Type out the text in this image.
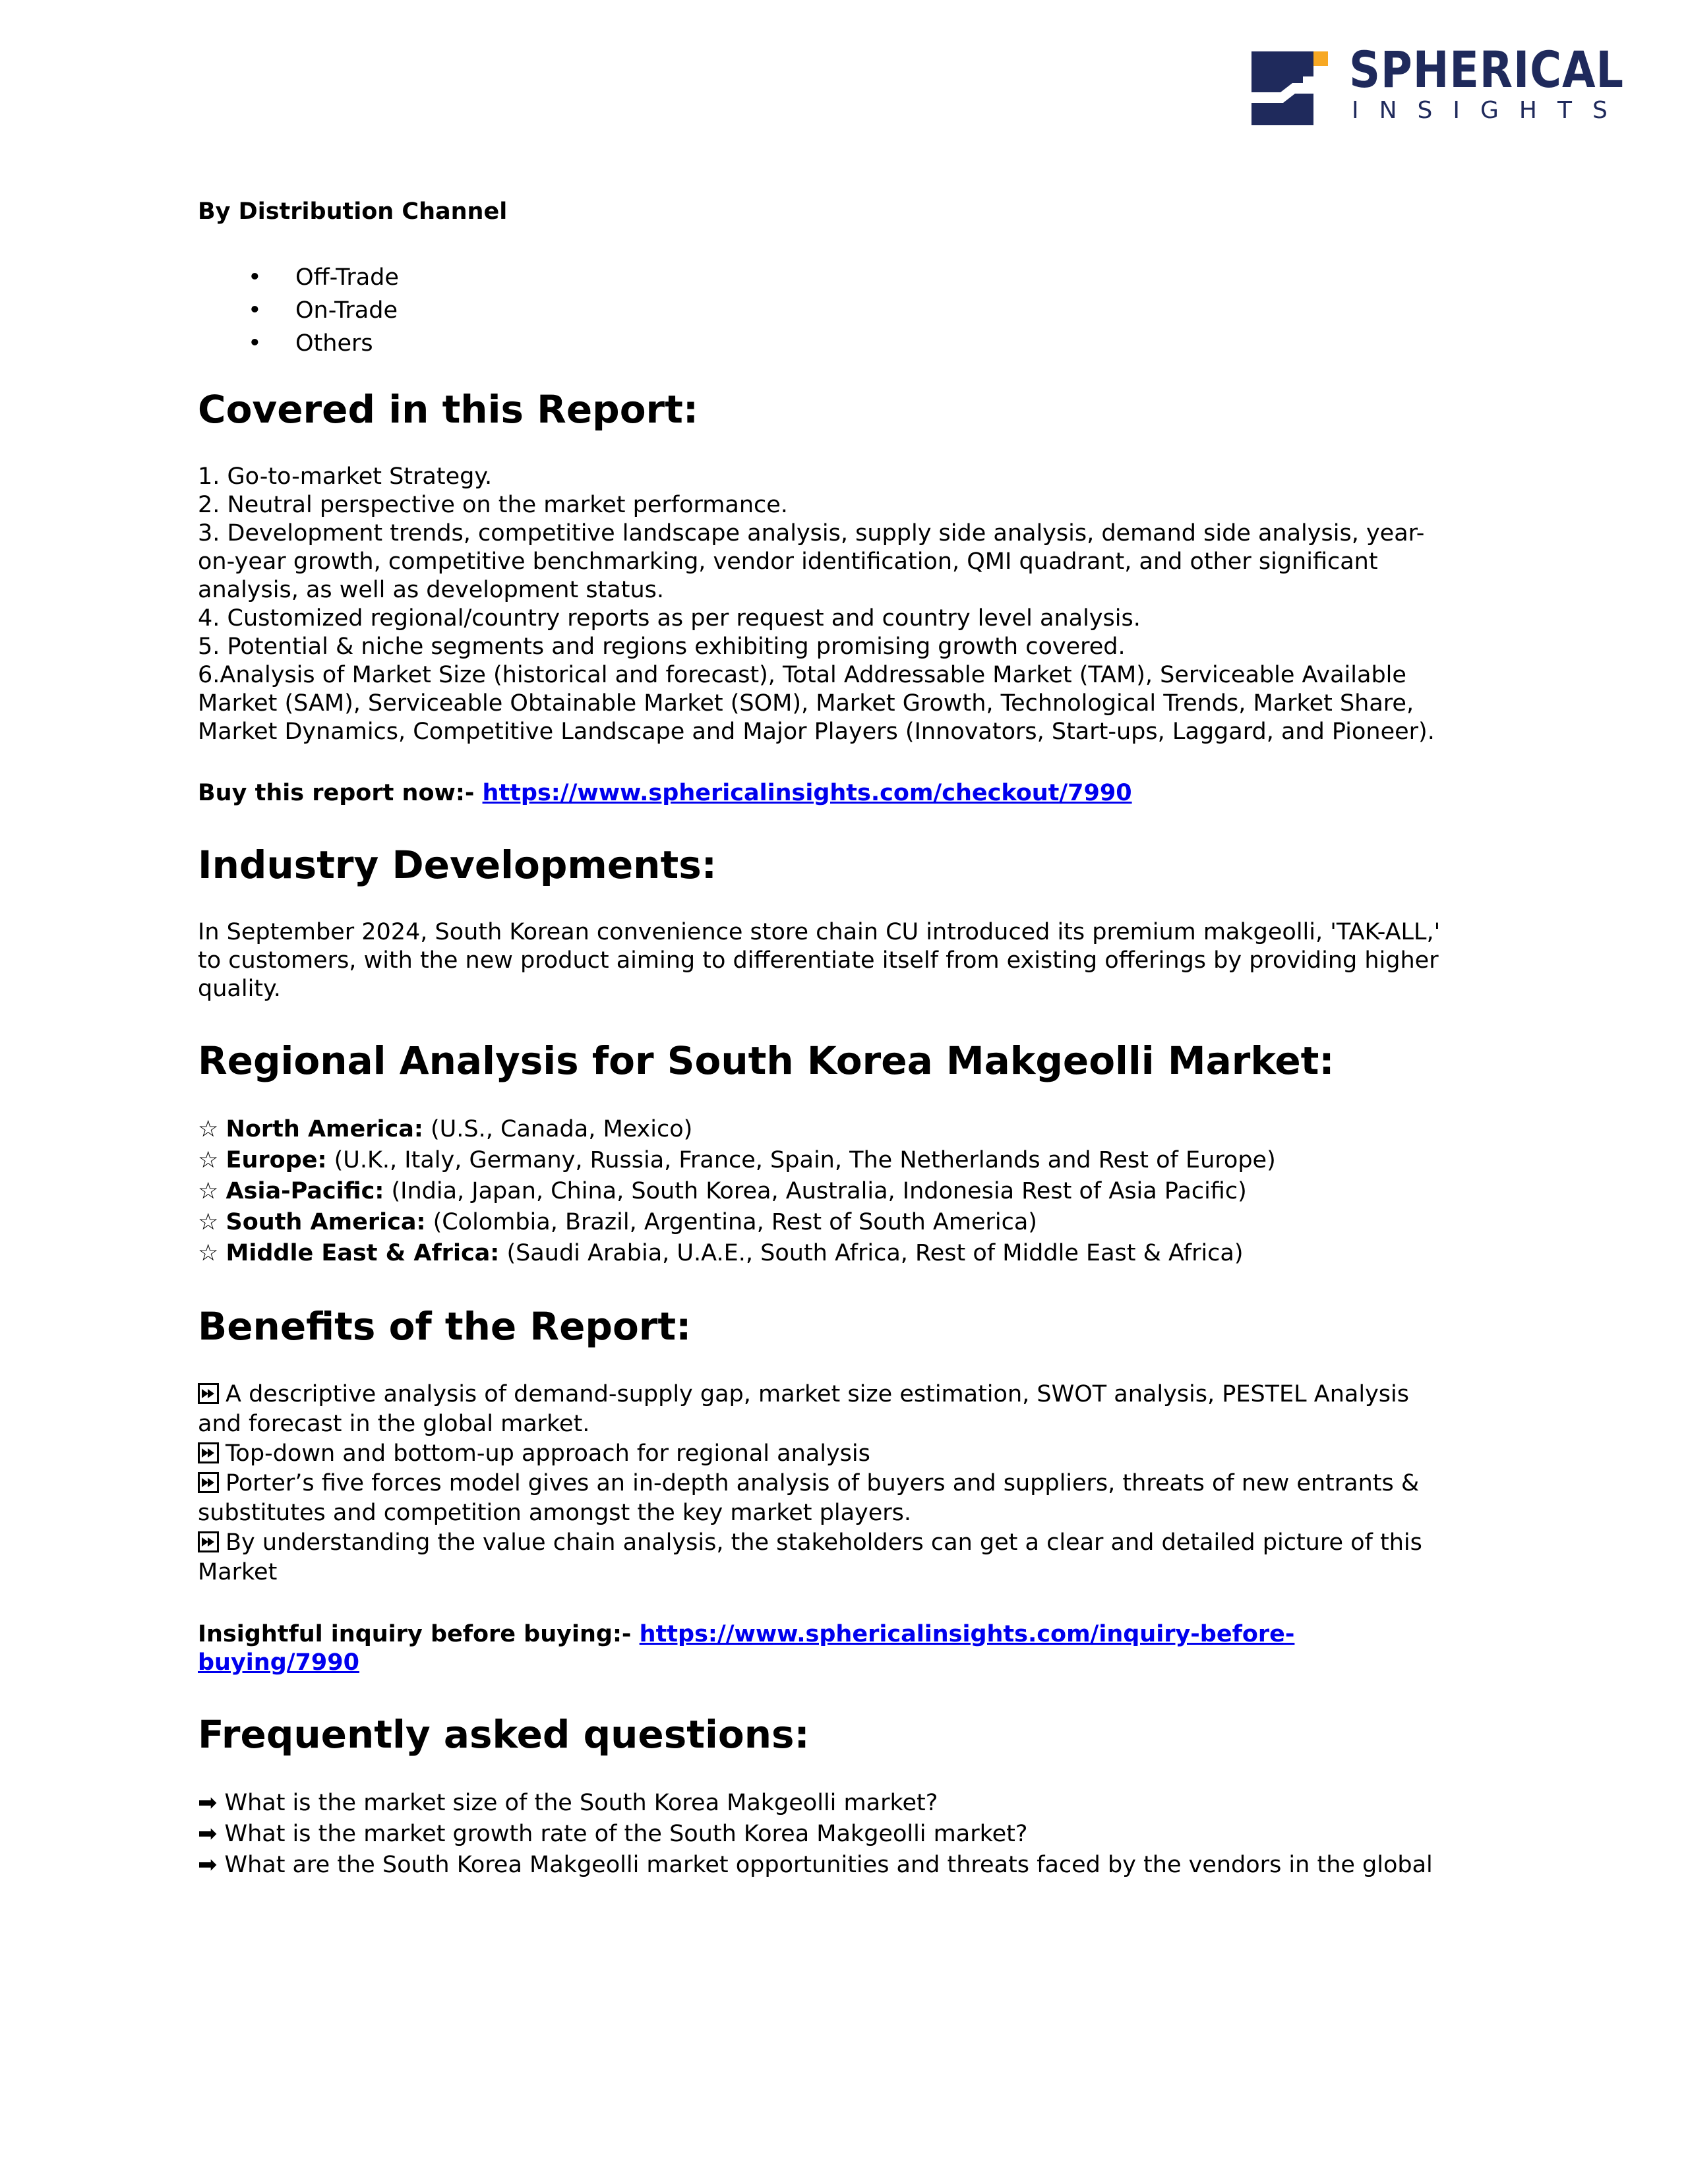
SPHERICAL
INSIGHTS

By Distribution Channel

• Off-Trade
• On-Trade
• Others
Covered in this Report:
1. Go-to-market Strategy.
2. Neutral perspective on the market performance.
3. Development trends, competitive landscape analysis, supply side analysis, demand side analysis, year-
on-year growth, competitive benchmarking, vendor identification, QMI quadrant, and other significant
analysis, as well as development status.
4. Customized regional/country reports as per request and country level analysis.
5. Potential & niche segments and regions exhibiting promising growth covered.
6.Analysis of Market Size (historical and forecast), Total Addressable Market (TAM), Serviceable Available
Market (SAM), Serviceable Obtainable Market (SOM), Market Growth, Technological Trends, Market Share,
Market Dynamics, Competitive Landscape and Major Players (Innovators, Start-ups, Laggard, and Pioneer).

Buy this report now:- https://www.sphericalinsights.com/checkout/7990

Industry Developments:
In September 2024, South Korean convenience store chain CU introduced its premium makgeolli, 'TAK-ALL,'
to customers, with the new product aiming to differentiate itself from existing offerings by providing higher
quality.
Regional Analysis for South Korea Makgeolli Market:
☆ North America: (U.S., Canada, Mexico)
☆ Europe: (U.K., Italy, Germany, Russia, France, Spain, The Netherlands and Rest of Europe)
☆ Asia-Pacific: (India, Japan, China, South Korea, Australia, Indonesia Rest of Asia Pacific)
☆ South America: (Colombia, Brazil, Argentina, Rest of South America)
☆ Middle East & Africa: (Saudi Arabia, U.A.E., South Africa, Rest of Middle East & Africa)
Benefits of the Report:
A descriptive analysis of demand-supply gap, market size estimation, SWOT analysis, PESTEL Analysis
and forecast in the global market.
Top-down and bottom-up approach for regional analysis
Porter’s five forces model gives an in-depth analysis of buyers and suppliers, threats of new entrants &
substitutes and competition amongst the key market players.
By understanding the value chain analysis, the stakeholders can get a clear and detailed picture of this
Market
Insightful inquiry before buying:- https://www.sphericalinsights.com/inquiry-before-
buying/7990
Frequently asked questions:
➡ What is the market size of the South Korea Makgeolli market?
➡ What is the market growth rate of the South Korea Makgeolli market?
➡ What are the South Korea Makgeolli market opportunities and threats faced by the vendors in the global
